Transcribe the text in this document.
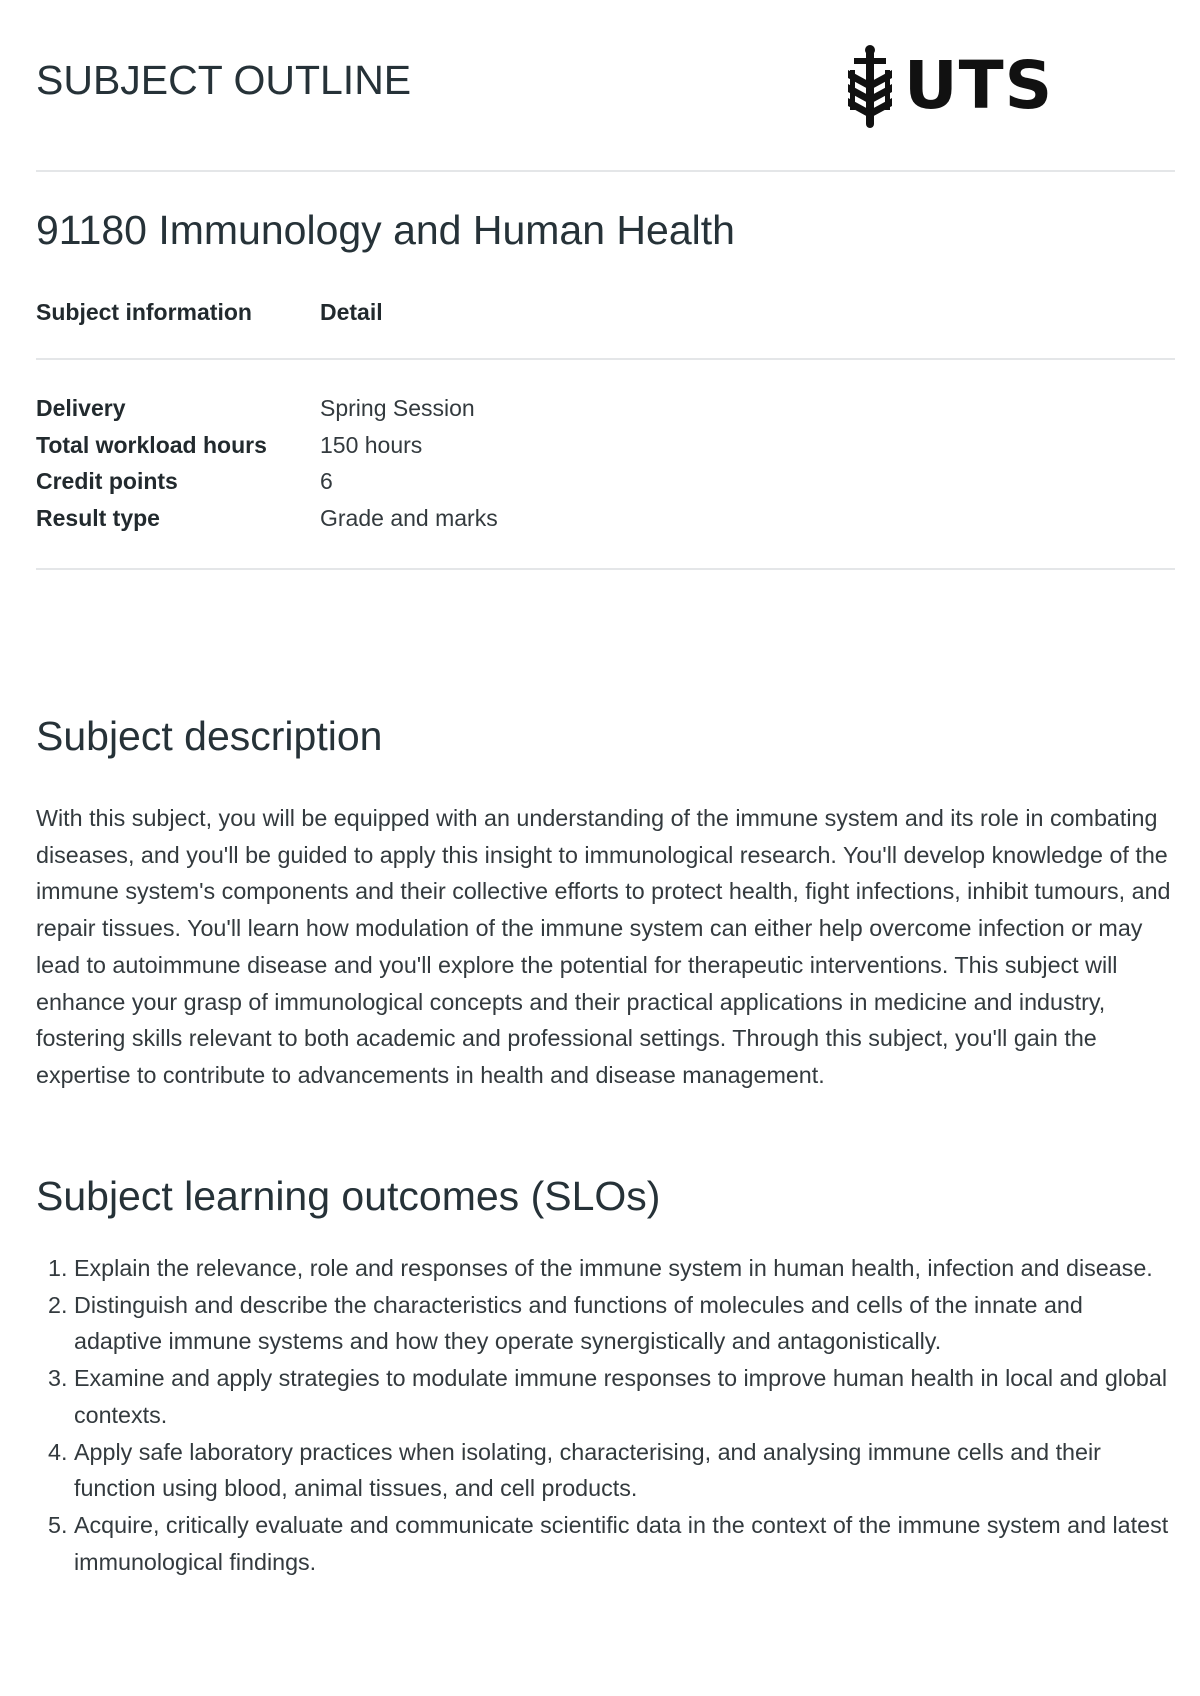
SUBJECT OUTLINE	UTS
91180 Immunology and Human Health
Subject information	Detail
Delivery	Spring Session
Total workload hours 150 hours
Credit points	6
Result type	Grade and marks
Subject description

With this subject, you will be equipped with an understanding of the immune system and its role in combating diseases, and you'll be guided to apply this insight to immunological research. You'll develop knowledge of the immune system's components and their collective efforts to protect health, fight infections, inhibit tumours, and repair tissues. You'll learn how modulation of the immune system can either help overcome infection or may lead to autoimmune disease and you'll explore the potential for therapeutic interventions. This subject will enhance your grasp of immunological concepts and their practical applications in medicine and industry, fostering skills relevant to both academic and professional settings. Through this subject, you'll gain the expertise to contribute to advancements in health and disease management.

Subject learning outcomes (SLOs)
1. Explain the relevance, role and responses of the immune system in human health, infection and disease.
2. Distinguish and describe the characteristics and functions of molecules and cells of the innate and adaptive immune systems and how they operate synergistically and antagonistically.
3. Examine and apply strategies to modulate immune responses to improve human health in local and global contexts.
4. Apply safe laboratory practices when isolating, characterising, and analysing immune cells and their function using blood, animal tissues, and cell products.
5. Acquire, critically evaluate and communicate scientific data in the context of the immune system and latest immunological findings.
